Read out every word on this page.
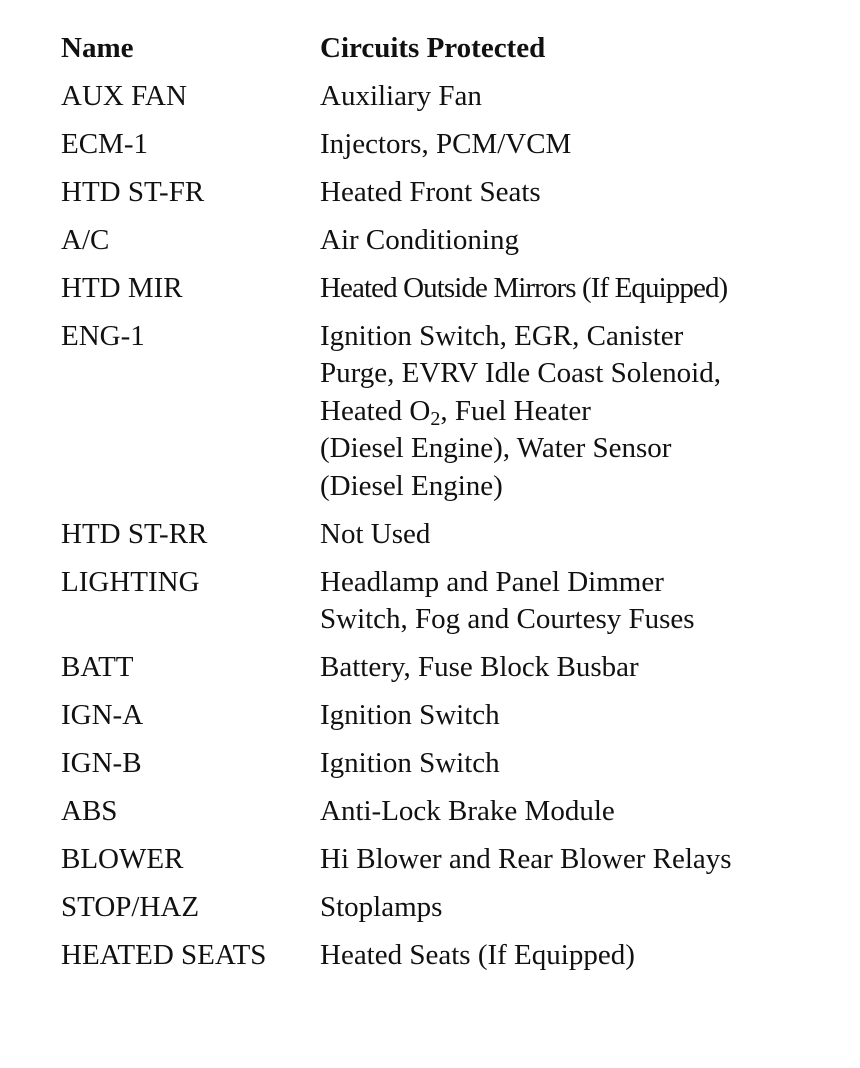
Name	Circuits Protected
AUX FAN	Auxiliary Fan

ECM-1	Injectors, PCM/VCM

HTD ST-FR	Heated Front Seats

A/C	Air Conditioning

HTD MIR	Heated Outside Mirrors (If Equipped)

ENG-1	Ignition Switch, EGR, Canister
Purge, EVRV Idle Coast Solenoid,
Heated $O_2$, Fuel Heater
(Diesel Engine), Water Sensor
(Diesel Engine)

HTD ST-RR	Not Used

LIGHTING	Headlamp and Panel Dimmer
Switch, Fog and Courtesy Fuses

BATT	Battery, Fuse Block Busbar

IGN-A	Ignition Switch

IGN-B	Ignition Switch

ABS	Anti-Lock Brake Module

BLOWER	Hi Blower and Rear Blower Relays

STOP/HAZ	Stoplamps

HEATED SEATS	Heated Seats (If Equipped)
